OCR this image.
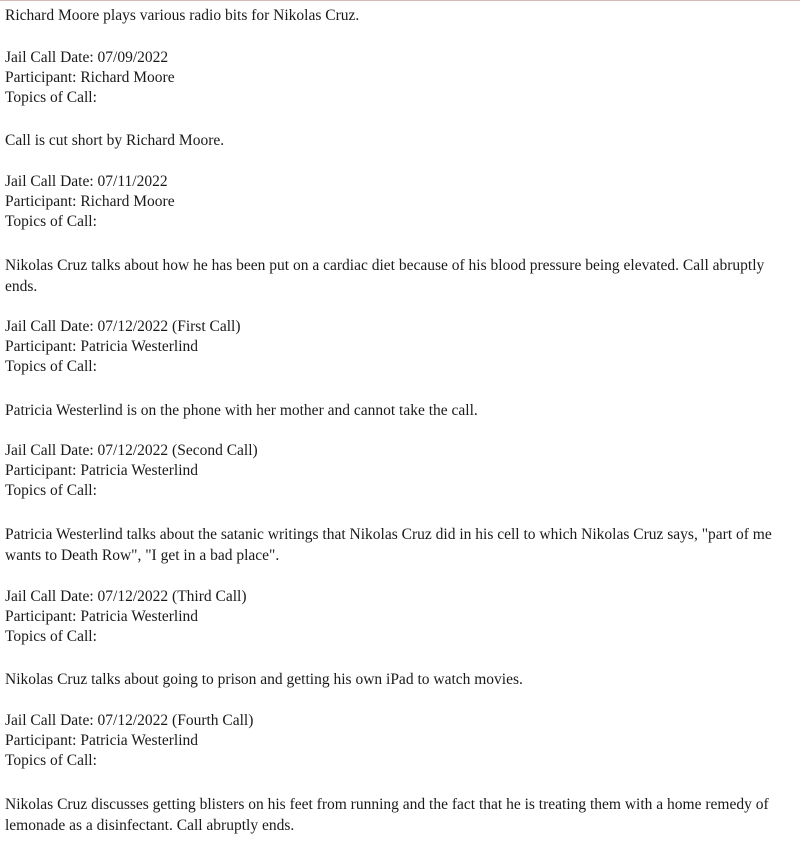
Richard Moore plays various radio bits for Nikolas Cruz.
Jail Call Date: 07/09/2022
Participant: Richard Moore
Topics of Call:
Call is cut short by Richard Moore.
Jail Call Date: 07/11/2022
Participant: Richard Moore
Topics of Call:
Nikolas Cruz talks about how he has been put on a cardiac diet because of his blood pressure being elevated. Call abruptly ends.
Jail Call Date: 07/12/2022 (First Call)
Participant: Patricia Westerlind
Topics of Call:
Patricia Westerlind is on the phone with her mother and cannot take the call.
Jail Call Date: 07/12/2022 (Second Call)
Participant: Patricia Westerlind
Topics of Call:
Patricia Westerlind talks about the satanic writings that Nikolas Cruz did in his cell to which Nikolas Cruz says, "part of me wants to Death Row", "I get in a bad place".
Jail Call Date: 07/12/2022 (Third Call)
Participant: Patricia Westerlind
Topics of Call:
Nikolas Cruz talks about going to prison and getting his own iPad to watch movies.
Jail Call Date: 07/12/2022 (Fourth Call)
Participant: Patricia Westerlind
Topics of Call:
Nikolas Cruz discusses getting blisters on his feet from running and the fact that he is treating them with a home remedy of lemonade as a disinfectant. Call abruptly ends.
